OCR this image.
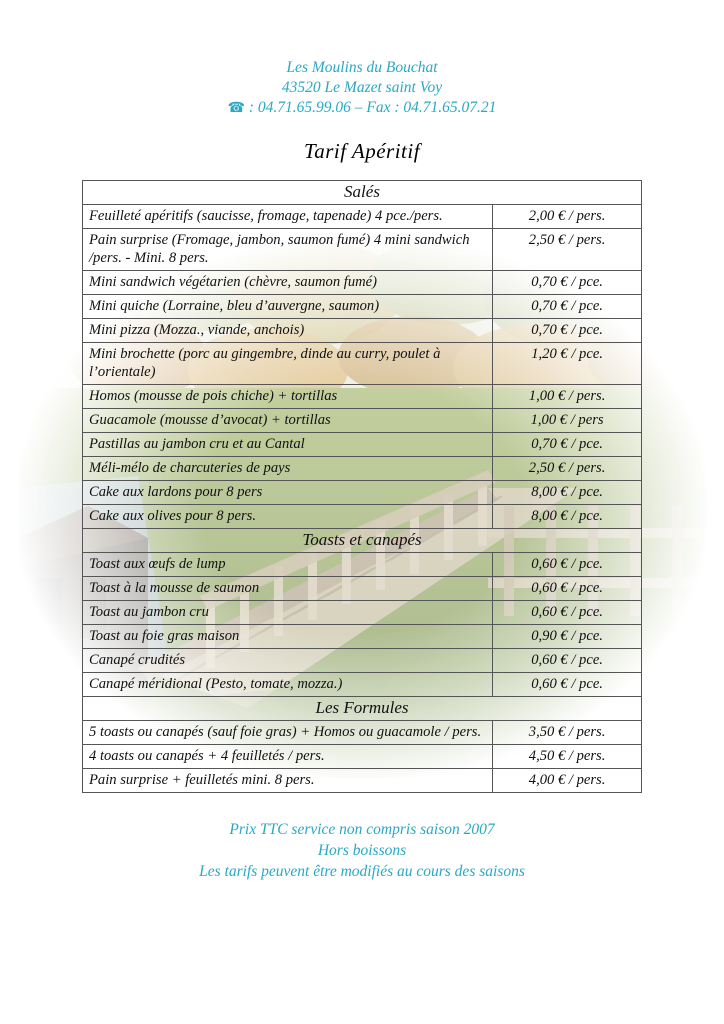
Les Moulins du Bouchat
43520 Le Mazet saint Voy
☎ : 04.71.65.99.06 – Fax : 04.71.65.07.21
Tarif Apéritif
Salés	
Feuilleté apéritifs (saucisse, fromage, tapenade) 4 pce./pers.	2,00 € / pers.
Pain surprise (Fromage, jambon, saumon fumé) 4 mini sandwich /pers. - Mini. 8 pers.	2,50 € / pers.
Mini sandwich végétarien (chèvre, saumon fumé)	0,70 € / pce.
Mini quiche (Lorraine, bleu d’auvergne, saumon)	0,70 € / pce.
Mini pizza (Mozza., viande, anchois)	0,70 € / pce.
Mini brochette (porc au gingembre, dinde au curry, poulet à l’orientale)	1,20 € / pce.
Homos (mousse de pois chiche) + tortillas	1,00 € / pers.
Guacamole (mousse d’avocat) + tortillas	1,00 € / pers
Pastillas au jambon cru et au Cantal	0,70 € / pce.
Méli-mélo de charcuteries de pays	2,50 € / pers.
Cake aux lardons pour 8 pers	8,00 € / pce.
Cake aux olives pour 8 pers.	8,00 € / pce.
Toasts et canapés	
Toast aux œufs de lump	0,60 € / pce.
Toast à la mousse de saumon	0,60 € / pce.
Toast au jambon cru	0,60 € / pce.
Toast au foie gras maison	0,90 € / pce.
Canapé crudités	0,60 € / pce.
Canapé méridional (Pesto, tomate, mozza.)	0,60 € / pce.
Les Formules	
5 toasts ou canapés (sauf foie gras) + Homos ou guacamole / pers.	3,50 € / pers.
4 toasts ou canapés + 4 feuilletés / pers.	4,50 € / pers.
Pain surprise + feuilletés mini. 8 pers.	4,00 € / pers.
Prix TTC service non compris saison 2007
Hors boissons
Les tarifs peuvent être modifiés au cours des saisons
